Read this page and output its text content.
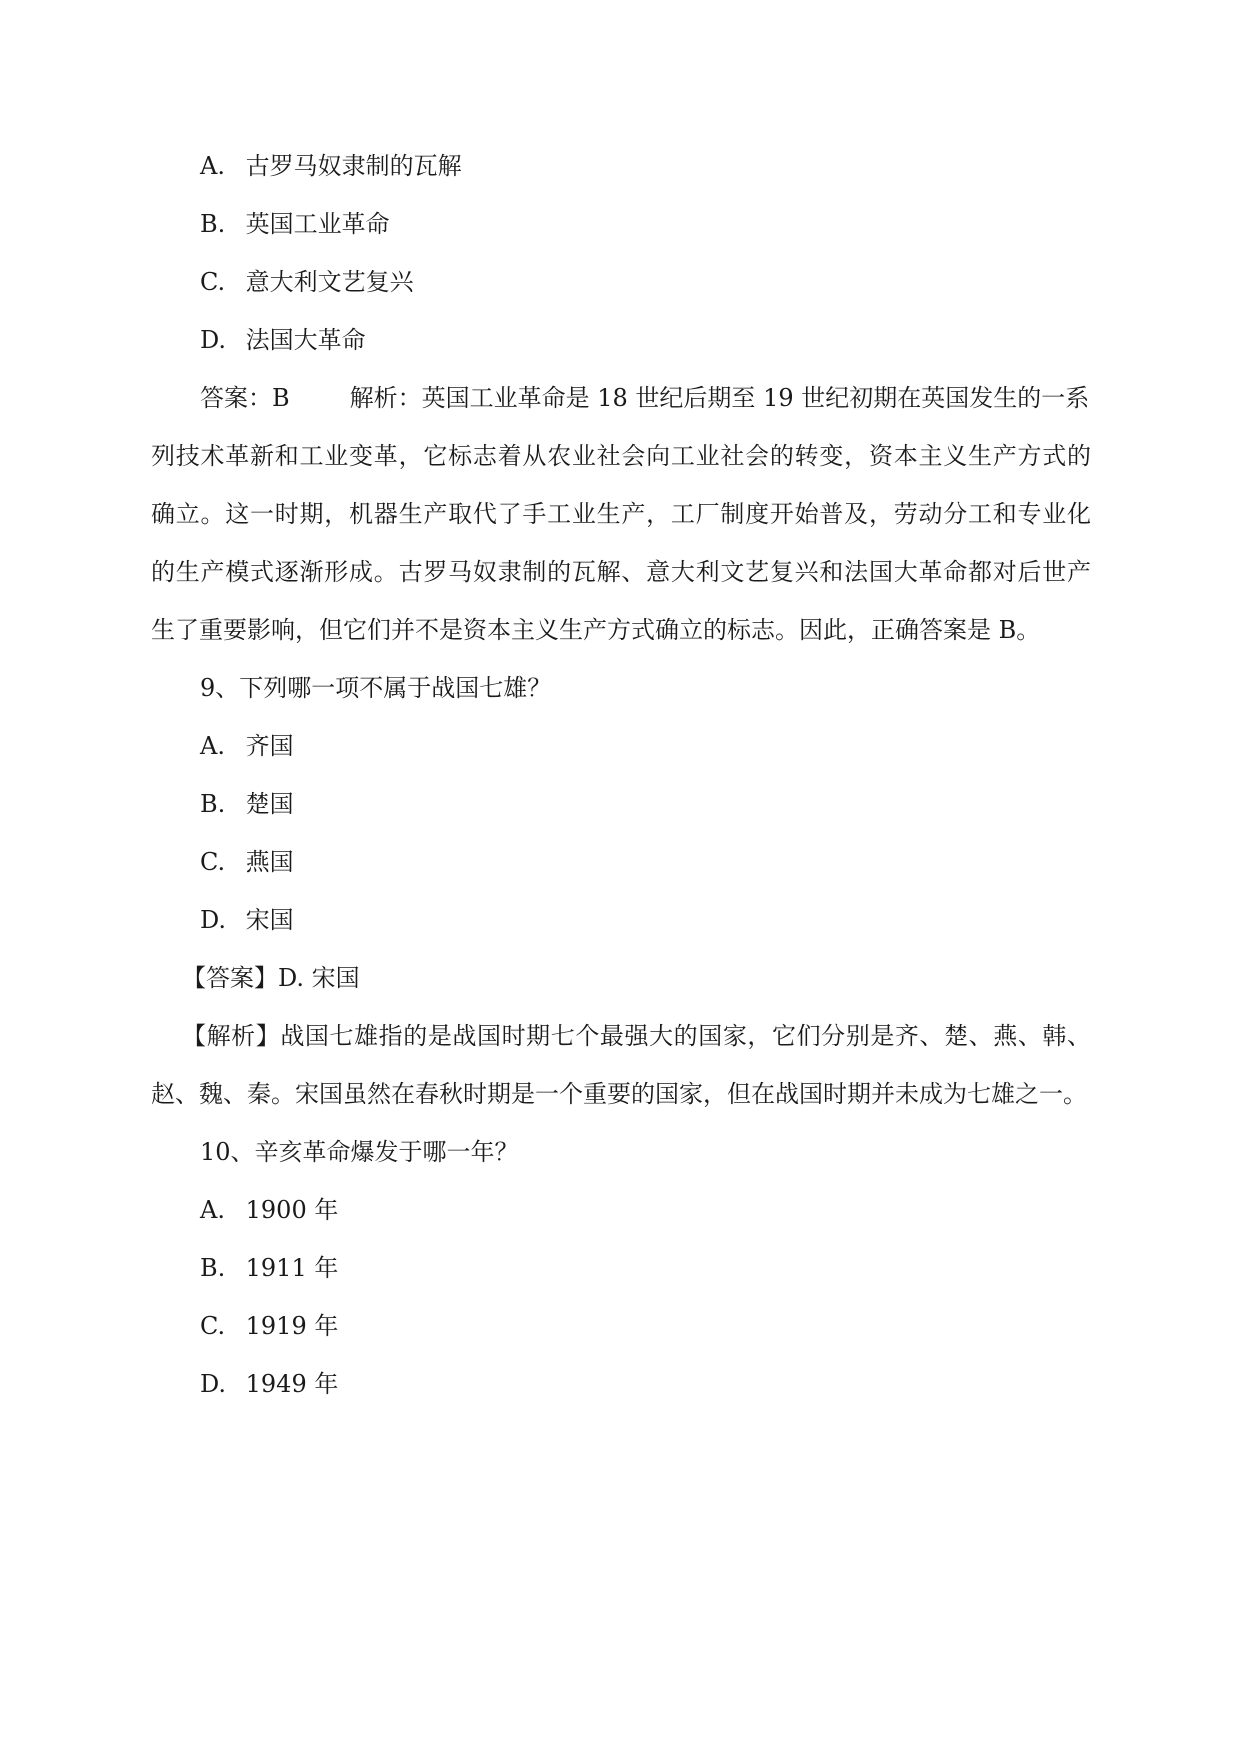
A. 古罗马奴隶制的瓦解
B. 英国工业革命
C. 意大利文艺复兴
D. 法国大革命
答案：B	解析：英国工业革命是 18 世纪后期至 19 世纪初期在英国发生的一系
列技术革新和工业变革，它标志着从农业社会向工业社会的转变，资本主义生产方式的
确立。这一时期，机器生产取代了手工业生产，工厂制度开始普及，劳动分工和专业化
的生产模式逐渐形成。古罗马奴隶制的瓦解、意大利文艺复兴和法国大革命都对后世产
生了重要影响，但它们并不是资本主义生产方式确立的标志。因此，正确答案是 B。
9、下列哪一项不属于战国七雄？
A. 齐国
B. 楚国
C. 燕国
D. 宋国
【答案】D. 宋国
【解析】战国七雄指的是战国时期七个最强大的国家，它们分别是齐、楚、燕、韩、
赵、魏、秦。宋国虽然在春秋时期是一个重要的国家，但在战国时期并未成为七雄之一。
10、辛亥革命爆发于哪一年？
A. 1900 年
B. 1911 年
C. 1919 年
D. 1949 年
